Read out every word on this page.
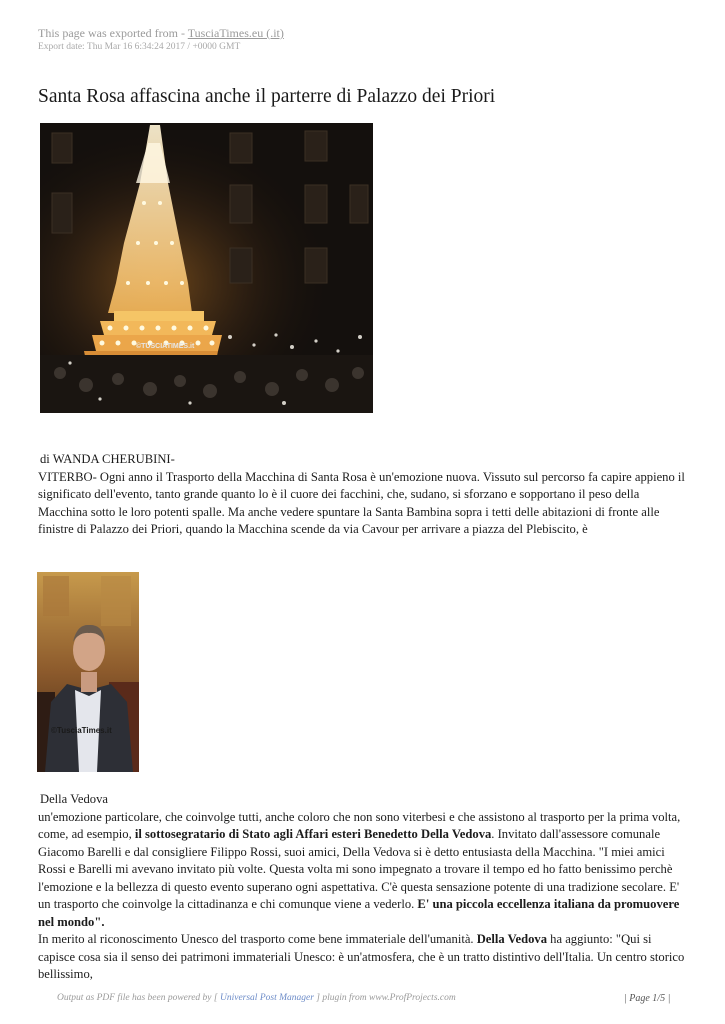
This page was exported from - TusciaTimes.eu (.it)
Export date: Thu Mar 16 6:34:24 2017 / +0000 GMT
Santa Rosa affascina anche il parterre di Palazzo dei Priori
©TUSCIATIMES.it

di WANDA CHERUBINI-

VITERBO- Ogni anno il Trasporto della Macchina di Santa Rosa è un'emozione nuova. Vissuto sul percorso fa capire appieno il significato dell'evento, tanto grande quanto lo è il cuore dei facchini, che, sudano, si sforzano e sopportano il peso della Macchina sotto le loro potenti spalle. Ma anche vedere spuntare la Santa Bambina sopra i tetti delle abitazioni di fronte alle finistre di Palazzo dei Priori, quando la Macchina scende da via Cavour per arrivare a piazza del Plebiscito, è

©TusciaTimes.it

Della Vedova

un'emozione particolare, che coinvolge tutti, anche coloro che non sono viterbesi e che assistono al trasporto per la prima volta, come, ad esempio, il sottosegratario di Stato agli Affari esteri Benedetto Della Vedova. Invitato dall'assessore comunale Giacomo Barelli e dal consigliere Filippo Rossi, suoi amici, Della Vedova si è detto entusiasta della Macchina. "I miei amici Rossi e Barelli mi avevano invitato più volte. Questa volta mi sono impegnato a trovare il tempo ed ho fatto benissimo perchè l'emozione e la bellezza di questo evento superano ogni aspettativa. C'è questa sensazione potente di una tradizione secolare. E' un trasporto che coinvolge la cittadinanza e chi comunque viene a vederlo. E' una piccola eccellenza italiana da promuovere nel mondo".

In merito al riconoscimento Unesco del trasporto come bene immateriale dell'umanità. Della Vedova ha aggiunto: "Qui si capisce cosa sia il senso dei patrimoni immateriali Unesco: è un'atmosfera, che è un tratto distintivo dell'Italia. Un centro storico bellissimo,

Output as PDF file has been powered by [ Universal Post Manager ] plugin from www.ProfProjects.com	| Page 1/5 |
